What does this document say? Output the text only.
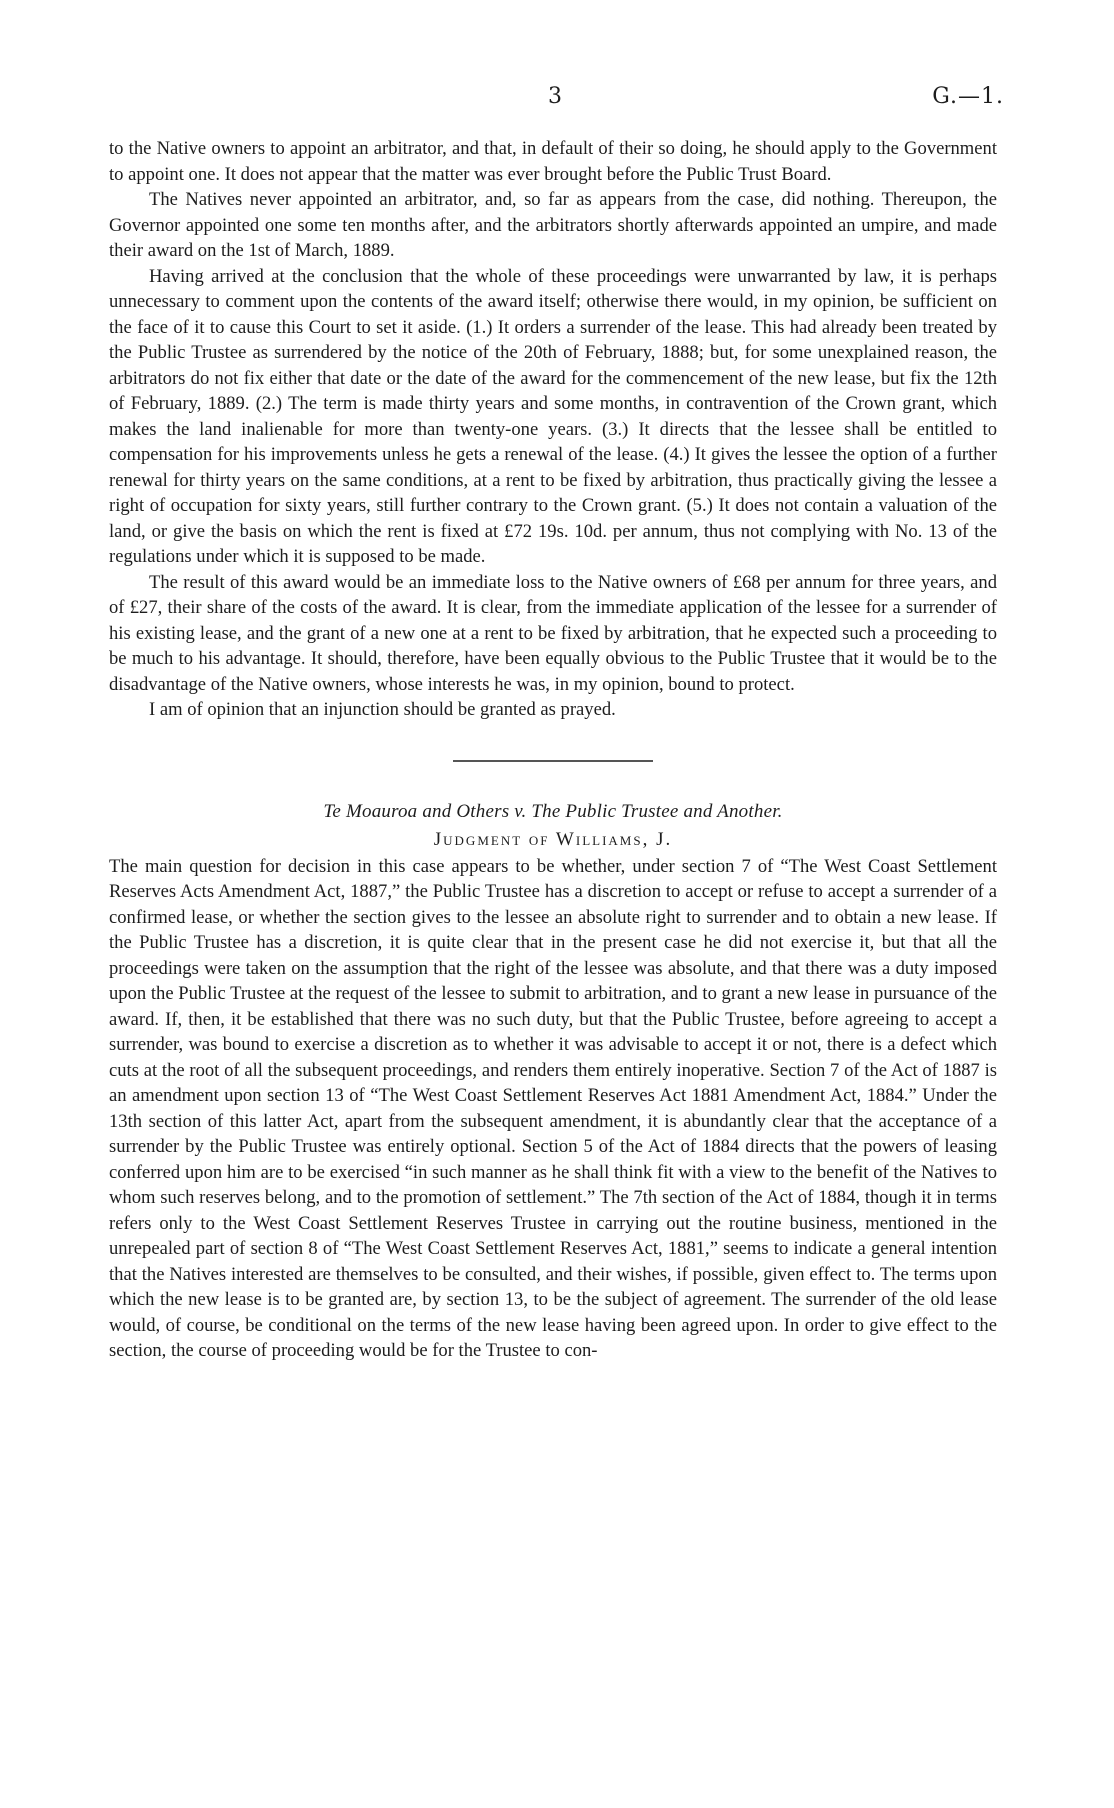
3	G.—1.

to the Native owners to appoint an arbitrator, and that, in default of their so doing, he should apply to the Government to appoint one. It does not appear that the matter was ever brought before the Public Trust Board.

The Natives never appointed an arbitrator, and, so far as appears from the case, did nothing. Thereupon, the Governor appointed one some ten months after, and the arbitrators shortly afterwards appointed an umpire, and made their award on the 1st of March, 1889.

Having arrived at the conclusion that the whole of these proceedings were unwarranted by law, it is perhaps unnecessary to comment upon the contents of the award itself; otherwise there would, in my opinion, be sufficient on the face of it to cause this Court to set it aside. (1.) It orders a surrender of the lease. This had already been treated by the Public Trustee as surrendered by the notice of the 20th of February, 1888; but, for some unexplained reason, the arbitrators do not fix either that date or the date of the award for the commencement of the new lease, but fix the 12th of February, 1889. (2.) The term is made thirty years and some months, in contravention of the Crown grant, which makes the land inalienable for more than twenty-one years. (3.) It directs that the lessee shall be entitled to compensation for his improvements unless he gets a renewal of the lease. (4.) It gives the lessee the option of a further renewal for thirty years on the same conditions, at a rent to be fixed by arbitration, thus practically giving the lessee a right of occupation for sixty years, still further contrary to the Crown grant. (5.) It does not contain a valuation of the land, or give the basis on which the rent is fixed at £72 19s. 10d. per annum, thus not complying with No. 13 of the regulations under which it is supposed to be made.

The result of this award would be an immediate loss to the Native owners of £68 per annum for three years, and of £27, their share of the costs of the award. It is clear, from the immediate application of the lessee for a surrender of his existing lease, and the grant of a new one at a rent to be fixed by arbitration, that he expected such a proceeding to be much to his advantage. It should, therefore, have been equally obvious to the Public Trustee that it would be to the disadvantage of the Native owners, whose interests he was, in my opinion, bound to protect.

I am of opinion that an injunction should be granted as prayed.

Te Moauroa and Others v. The Public Trustee and Another.

Judgment of Williams, J.

The main question for decision in this case appears to be whether, under section 7 of “The West Coast Settlement Reserves Acts Amendment Act, 1887,” the Public Trustee has a discretion to accept or refuse to accept a surrender of a confirmed lease, or whether the section gives to the lessee an absolute right to surrender and to obtain a new lease. If the Public Trustee has a discretion, it is quite clear that in the present case he did not exercise it, but that all the proceedings were taken on the assumption that the right of the lessee was absolute, and that there was a duty imposed upon the Public Trustee at the request of the lessee to submit to arbitration, and to grant a new lease in pursuance of the award. If, then, it be established that there was no such duty, but that the Public Trustee, before agreeing to accept a surrender, was bound to exercise a discretion as to whether it was advisable to accept it or not, there is a defect which cuts at the root of all the subsequent proceedings, and renders them entirely inoperative. Section 7 of the Act of 1887 is an amendment upon section 13 of “The West Coast Settlement Reserves Act 1881 Amendment Act, 1884.” Under the 13th section of this latter Act, apart from the subsequent amendment, it is abundantly clear that the acceptance of a surrender by the Public Trustee was entirely optional. Section 5 of the Act of 1884 directs that the powers of leasing conferred upon him are to be exercised “in such manner as he shall think fit with a view to the benefit of the Natives to whom such reserves belong, and to the promotion of settlement.” The 7th section of the Act of 1884, though it in terms refers only to the West Coast Settlement Reserves Trustee in carrying out the routine business, mentioned in the unrepealed part of section 8 of “The West Coast Settlement Reserves Act, 1881,” seems to indicate a general intention that the Natives interested are themselves to be consulted, and their wishes, if possible, given effect to. The terms upon which the new lease is to be granted are, by section 13, to be the subject of agreement. The surrender of the old lease would, of course, be conditional on the terms of the new lease having been agreed upon. In order to give effect to the section, the course of proceeding would be for the Trustee to con-
